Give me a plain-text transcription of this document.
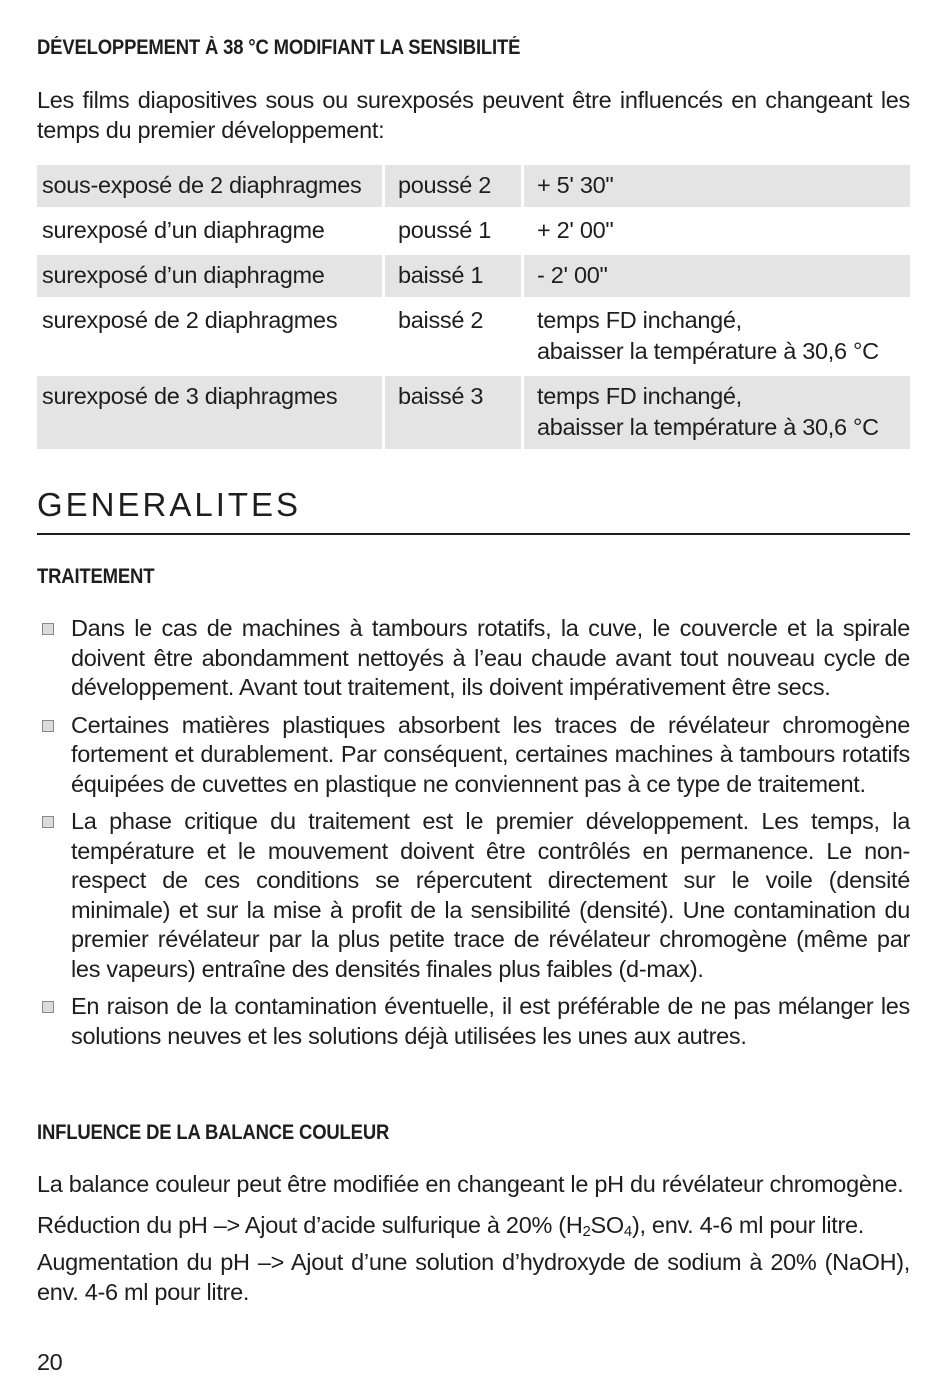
DÉVELOPPEMENT À 38 °C MODIFIANT LA SENSIBILITÉ
Les films diapositives sous ou surexposés peuvent être influencés en changeant les temps du premier développement:
sous-exposé de 2 diaphragmes	poussé 2	+ 5' 30"
surexposé d’un diaphragme	poussé 1	+ 2' 00"
surexposé d’un diaphragme	baissé 1	- 2' 00"
surexposé de 2 diaphragmes	baissé 2	temps FD inchangé,
abaisser la température à 30,6 °C

surexposé de 3 diaphragmes	baissé 3	temps FD inchangé,
abaisser la température à 30,6 °C
GENERALITES
TRAITEMENT
Dans le cas de machines à tambours rotatifs, la cuve, le couvercle et la spirale doivent être abondamment nettoyés à l’eau chaude avant tout nouveau cycle de développement. Avant tout traitement, ils doivent impérativement être secs.
Certaines matières plastiques absorbent les traces de révélateur chromogène fortement et durablement. Par conséquent, certaines machines à tambours rotatifs équipées de cuvettes en plastique ne conviennent pas à ce type de traitement.
La phase critique du traitement est le premier développement. Les temps, la température et le mouvement doivent être contrôlés en permanence. Le non-respect de ces conditions se répercutent directement sur le voile (densité minimale) et sur la mise à profit de la sensibilité (densité). Une contamination du premier révélateur par la plus petite trace de révélateur chromogène (même par les vapeurs) entraîne des densités finales plus faibles (d-max).
En raison de la contamination éventuelle, il est préférable de ne pas mélanger les solutions neuves et les solutions déjà utilisées les unes aux autres.
INFLUENCE DE LA BALANCE COULEUR
La balance couleur peut être modifiée en changeant le pH du révélateur chromogène.
Réduction du pH –> Ajout d’acide sulfurique à 20% $(H_2SO_4)$, env. 4-6 ml pour litre.
Augmentation du pH –> Ajout d’une solution d’hydroxyde de sodium à 20% (NaOH), env. 4-6 ml pour litre.
20
